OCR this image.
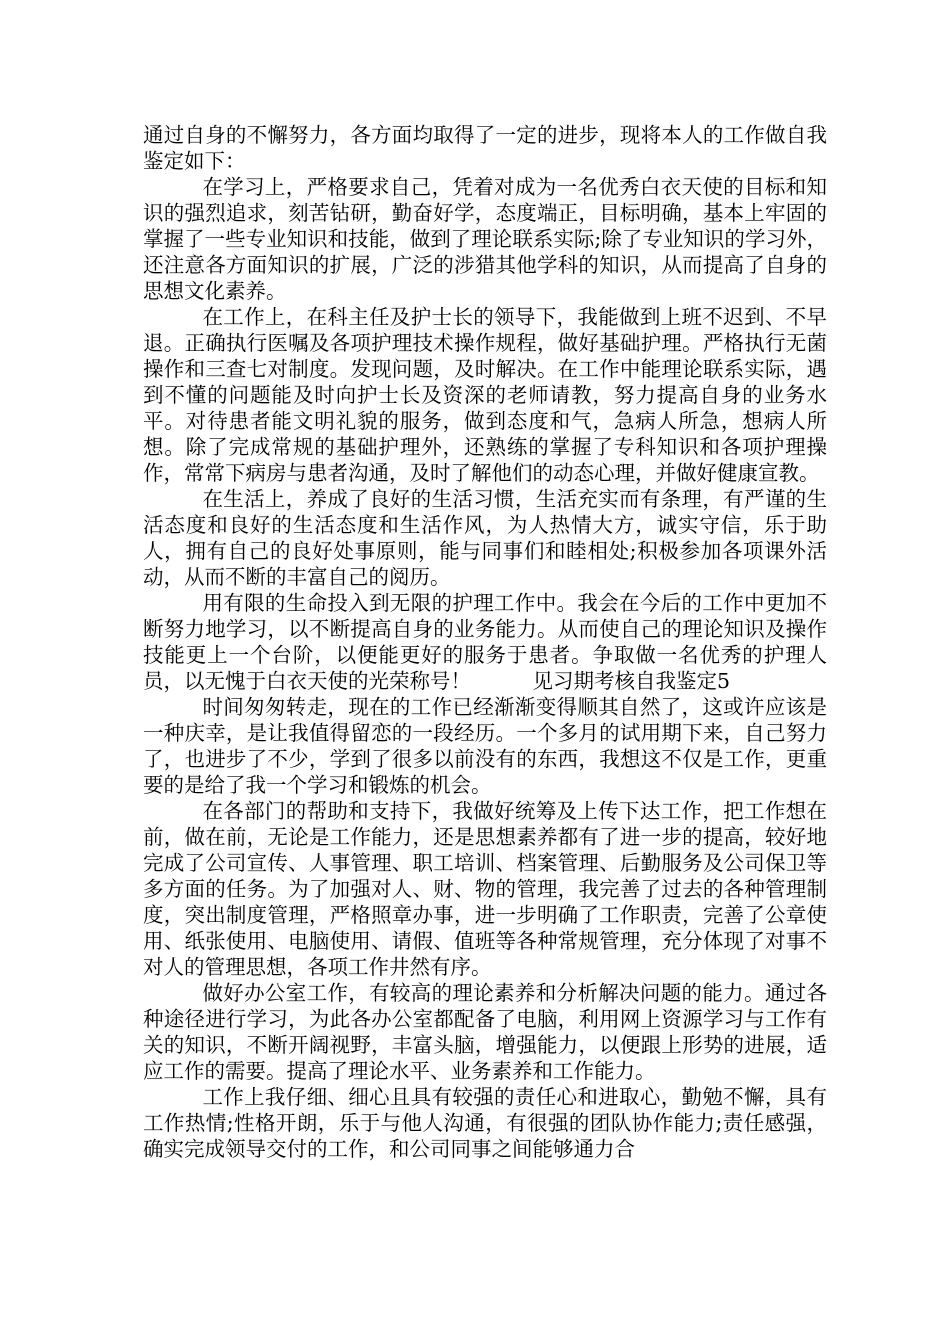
通过自身的不懈努力，各方面均取得了一定的进步，现将本人的工作做自我鉴定如下：

在学习上，严格要求自己，凭着对成为一名优秀白衣天使的目标和知识的强烈追求，刻苦钻研，勤奋好学，态度端正，目标明确，基本上牢固的掌握了一些专业知识和技能，做到了理论联系实际;除了专业知识的学习外，还注意各方面知识的扩展，广泛的涉猎其他学科的知识，从而提高了自身的思想文化素养。

在工作上，在科主任及护士长的领导下，我能做到上班不迟到、不早退。正确执行医嘱及各项护理技术操作规程，做好基础护理。严格执行无菌操作和三查七对制度。发现问题，及时解决。在工作中能理论联系实际，遇到不懂的问题能及时向护士长及资深的老师请教，努力提高自身的业务水平。对待患者能文明礼貌的服务，做到态度和气，急病人所急，想病人所想。除了完成常规的基础护理外，还熟练的掌握了专科知识和各项护理操作，常常下病房与患者沟通，及时了解他们的动态心理，并做好健康宣教。

在生活上，养成了良好的生活习惯，生活充实而有条理，有严谨的生活态度和良好的生活态度和生活作风，为人热情大方，诚实守信，乐于助人，拥有自己的良好处事原则，能与同事们和睦相处;积极参加各项课外活动，从而不断的丰富自己的阅历。

用有限的生命投入到无限的护理工作中。我会在今后的工作中更加不断努力地学习，以不断提高自身的业务能力。从而使自己的理论知识及操作技能更上一个台阶，以便能更好的服务于患者。争取做一名优秀的护理人员，以无愧于白衣天使的光荣称号！　　　见习期考核自我鉴定5

时间匆匆转走，现在的工作已经渐渐变得顺其自然了，这或许应该是一种庆幸，是让我值得留恋的一段经历。一个多月的试用期下来，自己努力了，也进步了不少，学到了很多以前没有的东西，我想这不仅是工作，更重要的是给了我一个学习和锻炼的机会。

在各部门的帮助和支持下，我做好统筹及上传下达工作，把工作想在前，做在前，无论是工作能力，还是思想素养都有了进一步的提高，较好地完成了公司宣传、人事管理、职工培训、档案管理、后勤服务及公司保卫等多方面的任务。为了加强对人、财、物的管理，我完善了过去的各种管理制度，突出制度管理，严格照章办事，进一步明确了工作职责，完善了公章使用、纸张使用、电脑使用、请假、值班等各种常规管理，充分体现了对事不对人的管理思想，各项工作井然有序。

做好办公室工作，有较高的理论素养和分析解决问题的能力。通过各种途径进行学习，为此各办公室都配备了电脑，利用网上资源学习与工作有关的知识，不断开阔视野，丰富头脑，增强能力，以便跟上形势的进展，适应工作的需要。提高了理论水平、业务素养和工作能力。

工作上我仔细、细心且具有较强的责任心和进取心，勤勉不懈，具有工作热情;性格开朗，乐于与他人沟通，有很强的团队协作能力;责任感强，确实完成领导交付的工作，和公司同事之间能够通力合
